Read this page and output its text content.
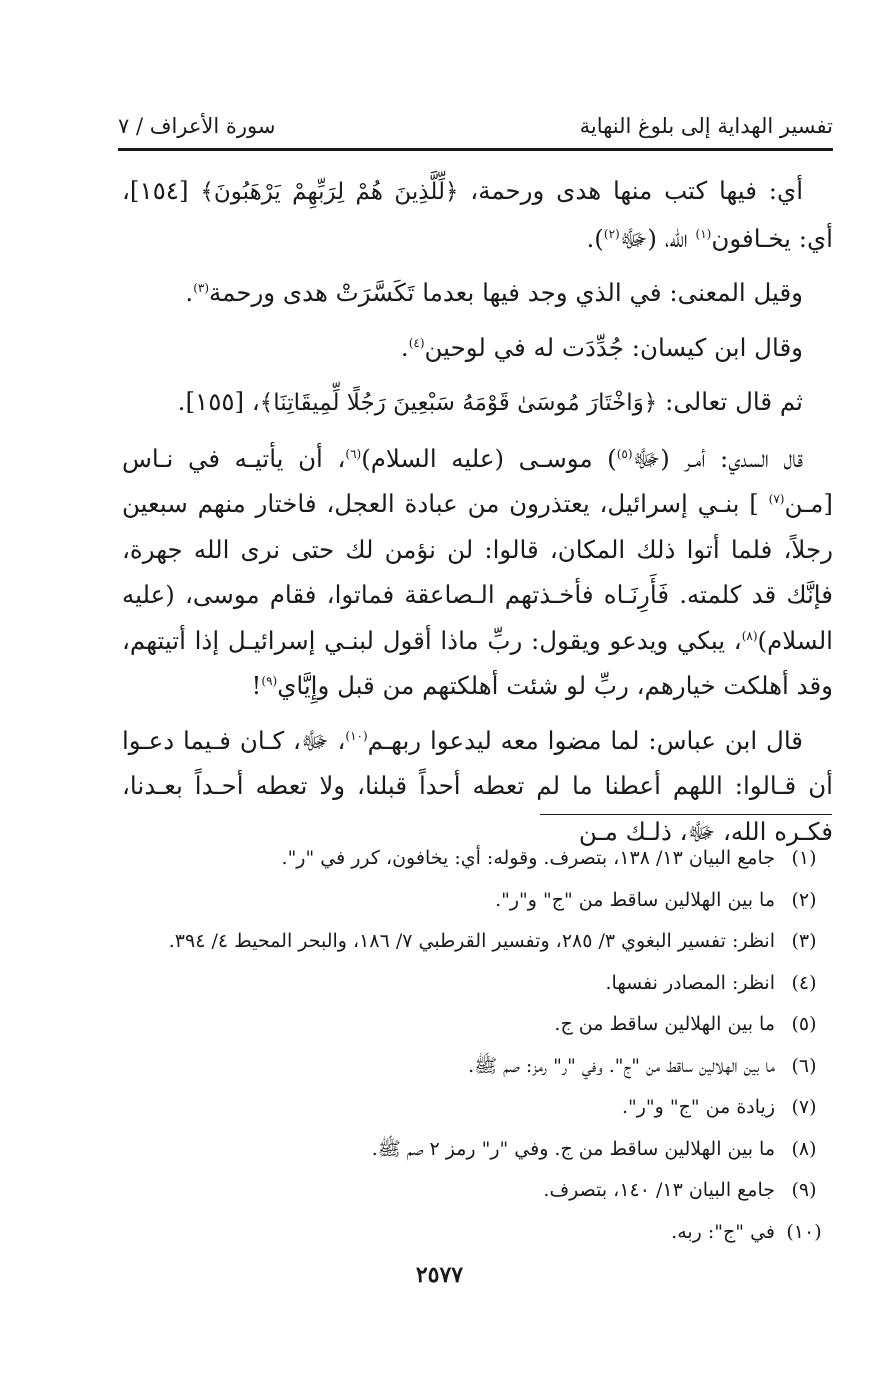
تفسير الهداية إلى بلوغ النهاية
سورة الأعراف / ٧

أي: فيها كتب منها هدى ورحمة، ﴿لِّلَّذِينَ هُمْ لِرَبِّهِمْ يَرْهَبُونَ﴾ [١٥٤]، أي: يخـافون$^{(١)}$ الله، (ﷻ$^{(٢)}$).

وقيل المعنى: في الذي وجد فيها بعدما تَكَسَّرَتْ هدى ورحمة$^{(٣)}$.

وقال ابن كيسان: جُدِّدَت له في لوحين$^{(٤)}$.

ثم قال تعالى: ﴿وَاخْتَارَ مُوسَىٰ قَوْمَهُ سَبْعِينَ رَجُلًا لِّمِيقَاتِنَا﴾، [١٥٥].

قال السدي: أمـر (ﷻ$^{(٥)}$) موسـى (عليه السلام)$^{(٦)}$، أن يأتيـه في نـاس [مـن$^{(٧)}$ ] بنـي إسرائيل، يعتذرون من عبادة العجل، فاختار منهم سبعين رجلاً، فلما أتوا ذلك المكان، قالوا: لن نؤمن لك حتى نرى الله جهرة، فإنَّك قد كلمته. فَأَرِنَـاه فأخـذتهم الـصاعقة فماتوا، فقام موسى، (عليه السلام)$^{(٨)}$، يبكي ويدعو ويقول: ربِّ ماذا أقول لبنـي إسرائيـل إذا أتيتهم، وقد أهلكت خيارهم، ربِّ لو شئت أهلكتهم من قبل وإِيَّاي$^{(٩)}$!

قال ابن عباس: لما مضوا معه ليدعوا ربهـم$^{(١٠)}$، ﷻ، كـان فـيما دعـوا أن قـالوا: اللهم أعطنا ما لم تعطه أحداً قبلنا، ولا تعطه أحـداً بعـدنا، فكـره الله، ﷻ، ذلـك مـن

(١)
جامع البيان ١٣/ ١٣٨، بتصرف. وقوله: أي: يخافون، كرر في "ر".
(٢)
ما بين الهلالين ساقط من "ج" و"ر".
(٣)
انظر: تفسير البغوي ٣/ ٢٨٥، وتفسير القرطبي ٧/ ١٨٦، والبحر المحيط ٤/ ٣٩٤.
(٤)
انظر: المصادر نفسها.
(٥)
ما بين الهلالين ساقط من ج.
(٦)
ما بين الهلالين ساقط من "ج". وفي "ر" رمز: صم ﷺ.
(٧)
زيادة من "ج" و"ر".
(٨)
ما بين الهلالين ساقط من ج. وفي "ر" رمز ٢ صم ﷺ.
(٩)
جامع البيان ١٣/ ١٤٠، بتصرف.
(١٠)
في "ج": ربه.
٢٥٧٧
